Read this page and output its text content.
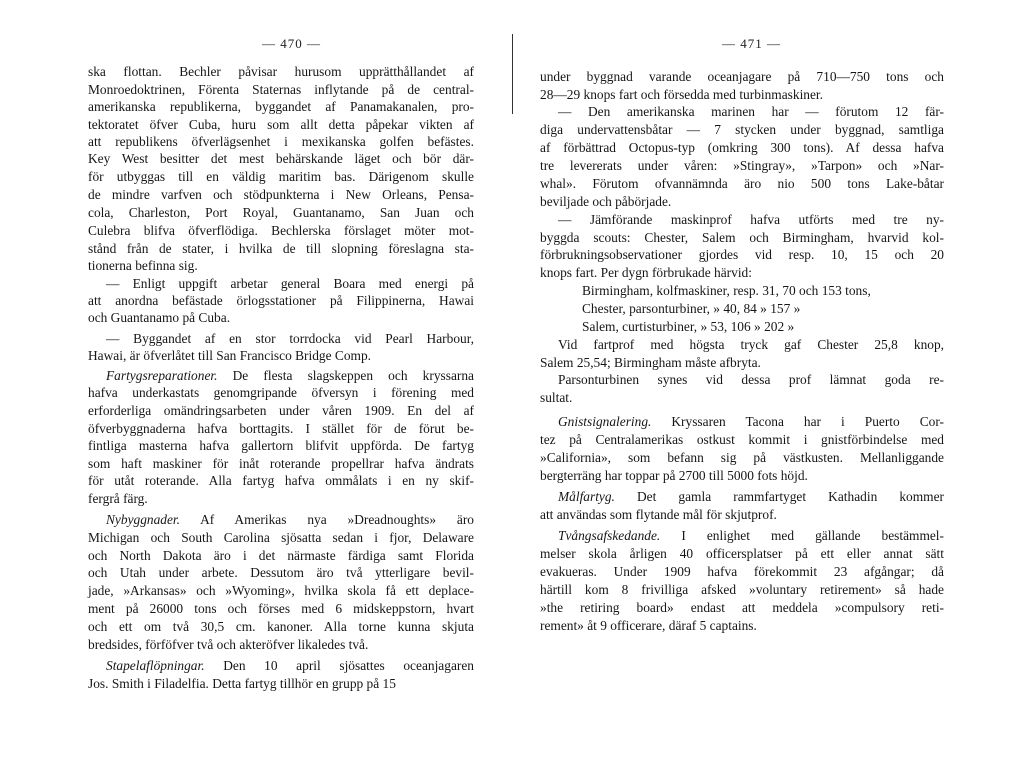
— 470 —
ska flottan. Bechler påvisar hurusom upprätthållandet af
Monroedoktrinen, Förenta Staternas inflytande på de central-
amerikanska republikerna, byggandet af Panamakanalen, pro-
tektoratet öfver Cuba, huru som allt detta påpekar vikten af
att republikens öfverlägsenhet i mexikanska golfen befästes.
Key West besitter det mest behärskande läget och bör där-
för utbyggas till en väldig maritim bas. Därigenom skulle
de mindre varfven och stödpunkterna i New Orleans, Pensa-
cola, Charleston, Port Royal, Guantanamo, San Juan och
Culebra blifva öfverflödiga. Bechlerska förslaget möter mot-
stånd från de stater, i hvilka de till slopning föreslagna sta-
tionerna befinna sig.
— Enligt uppgift arbetar general Boara med energi på
att anordna befästade örlogsstationer på Filippinerna, Hawai
och Guantanamo på Cuba.
— Byggandet af en stor torrdocka vid Pearl Harbour,
Hawai, är öfverlåtet till San Francisco Bridge Comp.
Fartygsreparationer. De flesta slagskeppen och kryssarna
hafva underkastats genomgripande öfversyn i förening med
erforderliga omändringsarbeten under våren 1909. En del af
öfverbyggnaderna hafva borttagits. I stället för de förut be-
fintliga masterna hafva gallertorn blifvit uppförda. De fartyg
som haft maskiner för inåt roterande propellrar hafva ändrats
för utåt roterande. Alla fartyg hafva ommålats i en ny skif-
fergrå färg.
Nybyggnader. Af Amerikas nya »Dreadnoughts» äro
Michigan och South Carolina sjösatta sedan i fjor, Delaware
och North Dakota äro i det närmaste färdiga samt Florida
och Utah under arbete. Dessutom äro två ytterligare bevil-
jade, »Arkansas» och »Wyoming», hvilka skola få ett deplace-
ment på 26000 tons och förses med 6 midskeppstorn, hvart
och ett om två 30,5 cm. kanoner. Alla torne kunna skjuta
bredsides, förföfver två och akteröfver likaledes två.
Stapelaflöpningar. Den 10 april sjösattes oceanjagaren
Jos. Smith i Filadelfia. Detta fartyg tillhör en grupp på 15
— 471 —
under byggnad varande oceanjagare på 710—750 tons och
28—29 knops fart och försedda med turbinmaskiner.
— Den amerikanska marinen har — förutom 12 fär-
diga undervattensbåtar — 7 stycken under byggnad, samtliga
af förbättrad Octopus-typ (omkring 300 tons). Af dessa hafva
tre levererats under våren: »Stingray», »Tarpon» och »Nar-
whal». Förutom ofvannämnda äro nio 500 tons Lake-båtar
beviljade och påbörjade.
— Jämförande maskinprof hafva utförts med tre ny-
byggda scouts: Chester, Salem och Birmingham, hvarvid kol-
förbrukningsobservationer gjordes vid resp. 10, 15 och 20
knops fart. Per dygn förbrukade härvid:
Birmingham, kolfmaskiner, resp. 31, 70 och 153 tons,
Chester, parsonturbiner, » 40, 84 » 157 »
Salem, curtisturbiner, » 53, 106 » 202 »
Vid fartprof med högsta tryck gaf Chester 25,8 knop,
Salem 25,54; Birmingham måste afbryta.
Parsonturbinen synes vid dessa prof lämnat goda re-
sultat.
Gnistsignalering. Kryssaren Tacona har i Puerto Cor-
tez på Centralamerikas ostkust kommit i gnistförbindelse med
»California», som befann sig på västkusten. Mellanliggande
bergterräng har toppar på 2700 till 5000 fots höjd.
Målfartyg. Det gamla rammfartyget Kathadin kommer
att användas som flytande mål för skjutprof.
Tvångsafskedande. I enlighet med gällande bestämmel-
melser skola årligen 40 officersplatser på ett eller annat sätt
evakueras. Under 1909 hafva förekommit 23 afgångar; då
härtill kom 8 frivilliga afsked »voluntary retirement» så hade
»the retiring board» endast att meddela »compulsory reti-
rement» åt 9 officerare, däraf 5 captains.
